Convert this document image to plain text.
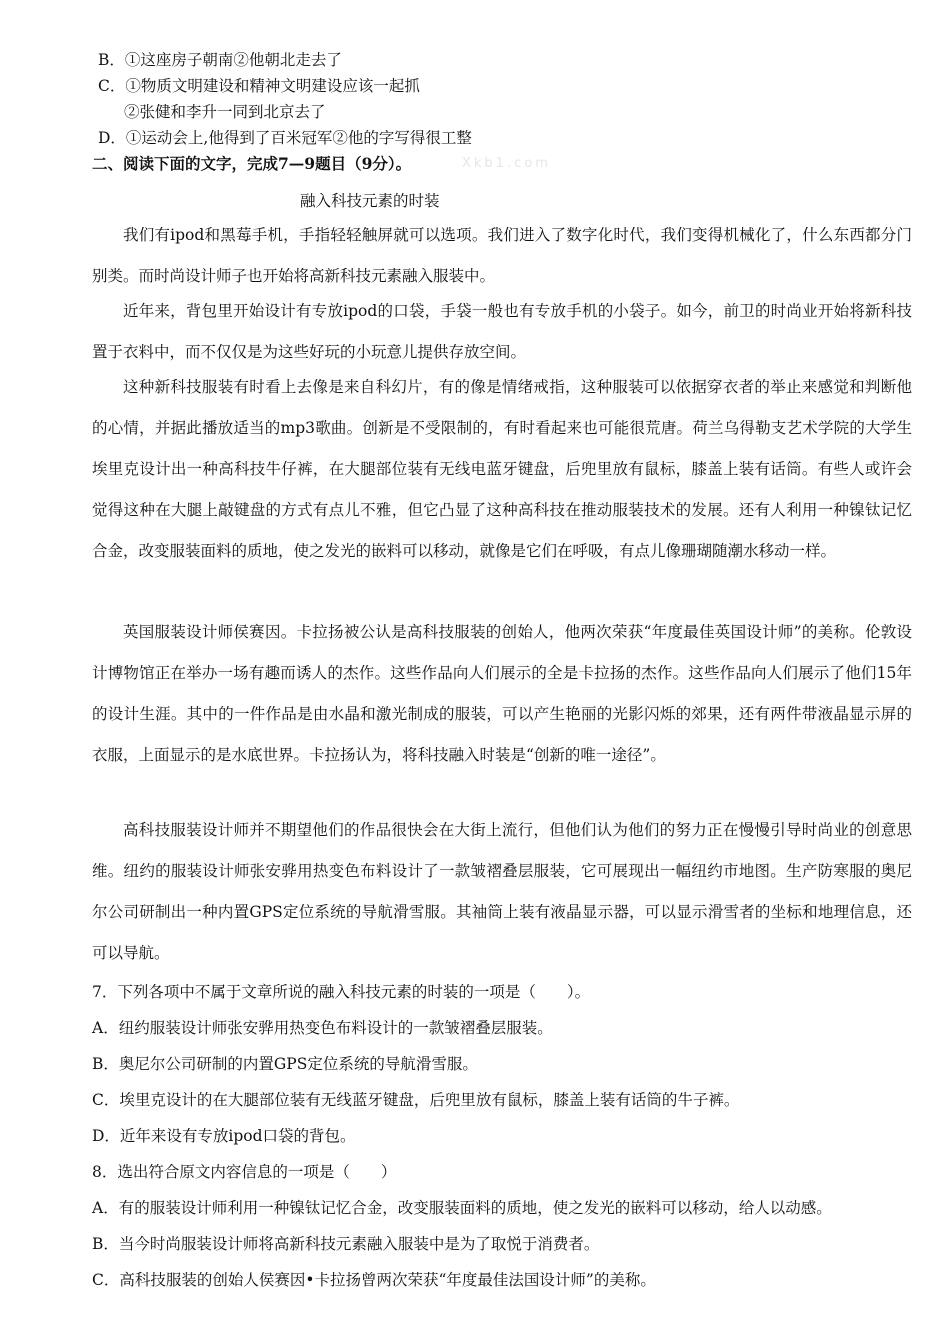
B．①这座房子朝南②他朝北走去了
C．①物质文明建设和精神文明建设应该一起抓
②张健和李升一同到北京去了
D．①运动会上,他得到了百米冠军②他的字写得很工整
二、阅读下面的文字，完成7—9题目（9分）。	Xkb1.com
融入科技元素的时装
我们有ipod和黑莓手机，手指轻轻触屏就可以选项。我们进入了数字化时代，我们变得机械化了，什么东西都分门别类。而时尚设计师子也开始将高新科技元素融入服装中。
近年来，背包里开始设计有专放ipod的口袋，手袋一般也有专放手机的小袋子。如今，前卫的时尚业开始将新科技置于衣料中，而不仅仅是为这些好玩的小玩意儿提供存放空间。
这种新科技服装有时看上去像是来自科幻片，有的像是情绪戒指，这种服装可以依据穿衣者的举止来感觉和判断他的心情，并据此播放适当的mp3歌曲。创新是不受限制的，有时看起来也可能很荒唐。荷兰乌得勒支艺术学院的大学生埃里克设计出一种高科技牛仔裤，在大腿部位装有无线电蓝牙键盘，后兜里放有鼠标，膝盖上装有话筒。有些人或许会觉得这种在大腿上敲键盘的方式有点儿不雅，但它凸显了这种高科技在推动服装技术的发展。还有人利用一种镍钛记忆合金，改变服装面料的质地，使之发光的嵌料可以移动，就像是它们在呼吸，有点儿像珊瑚随潮水移动一样。
英国服装设计师侯赛因。卡拉扬被公认是高科技服装的创始人，他两次荣获“年度最佳英国设计师”的美称。伦敦设计博物馆正在举办一场有趣而诱人的杰作。这些作品向人们展示的全是卡拉扬的杰作。这些作品向人们展示了他们15年的设计生涯。其中的一件作品是由水晶和激光制成的服装，可以产生艳丽的光影闪烁的郊果，还有两件带液晶显示屏的衣服，上面显示的是水底世界。卡拉扬认为，将科技融入时装是“创新的唯一途径”。
高科技服装设计师并不期望他们的作品很快会在大街上流行，但他们认为他们的努力正在慢慢引导时尚业的创意思维。纽约的服装设计师张安骅用热变色布料设计了一款皱褶叠层服装，它可展现出一幅纽约市地图。生产防寒服的奥尼尔公司研制出一种内置GPS定位系统的导航滑雪服。其袖筒上装有液晶显示器，可以显示滑雪者的坐标和地理信息，还可以导航。
7．下列各项中不属于文章所说的融入科技元素的时装的一项是（　　）。
A．纽约服装设计师张安骅用热变色布料设计的一款皱褶叠层服装。
B．奥尼尔公司研制的内置GPS定位系统的导航滑雪服。
C．埃里克设计的在大腿部位装有无线蓝牙键盘，后兜里放有鼠标，膝盖上装有话筒的牛子裤。
D．近年来设有专放ipod口袋的背包。
8．选出符合原文内容信息的一项是（　　）
A．有的服装设计师利用一种镍钛记忆合金，改变服装面料的质地，使之发光的嵌料可以移动，给人以动感。
B．当今时尚服装设计师将高新科技元素融入服装中是为了取悦于消费者。
C．高科技服装的创始人侯赛因•卡拉扬曾两次荣获“年度最佳法国设计师”的美称。
